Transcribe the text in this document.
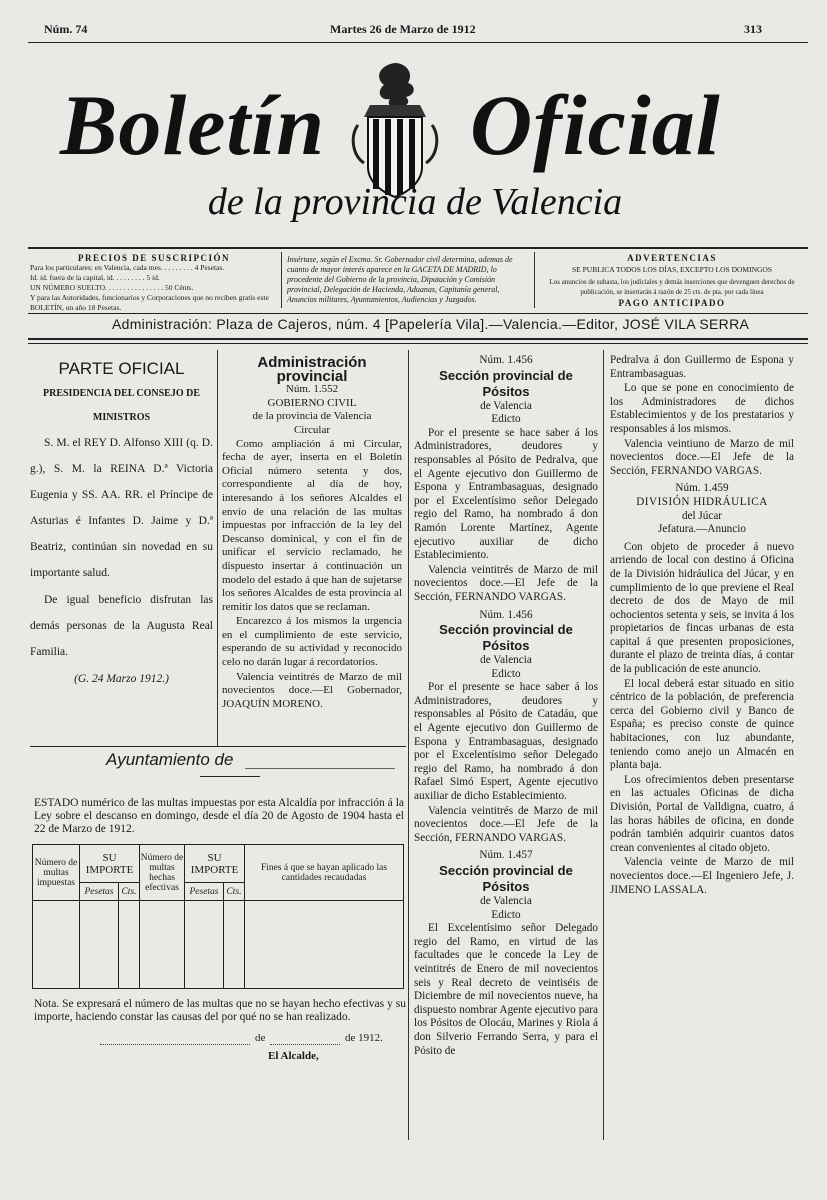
Núm. 74	Martes 26 de Marzo de 1912	313
Boletín Oficial
de la provincia de Valencia
PRECIOS DE SUSCRIPCIÓN
Para los particulares: en Valencia, cada mes. . . . . . . . . 4 Pesetas.
Id. id. fuera de la capital, id. . . . . . . . . 5 id.
UN NÚMERO SUELTO. . . . . . . . . . . . . . . . 50 Cénts.
Y para las Autoridades, funcionarios y Corporaciones que no reciben gratis este BOLETÍN, un año 18 Pesetas.
Insértase, según el Excmo. Sr. Gobernador civil determina, ademas de cuanto de mayor interés aparece en la GACETA DE MADRID, lo procedente del Gobierno de la provincia, Diputación y Comisión provincial, Delegación de Hacienda, Aduanas, Capitanía general, Anuncios militares, Ayuntamientos, Audiencias y Juzgados.
ADVERTENCIAS
SE PUBLICA TODOS LOS DÍAS, EXCEPTO LOS DOMINGOS
Los anuncios de subasta, los judiciales y demás inserciones que devenguen derechos de publicación, se insertarán á razón de 25 cts. de pta. por cada línea
PAGO ANTICIPADO
Administración: Plaza de Cajeros, núm. 4 [Papelería Vila].—Valencia.—Editor, JOSÉ VILA SERRA
PARTE OFICIAL
PRESIDENCIA DEL CONSEJO DE MINISTROS

S. M. el REY D. Alfonso XIII (q. D. g.), S. M. la REINA D.ª Victoria Eugenia y SS. AA. RR. el Príncipe de Asturias é Infantes D. Jaime y D.ª Beatriz, continúan sin novedad en su importante salud.

De igual beneficio disfrutan las demás personas de la Augusta Real Familia.

(G. 24 Marzo 1912.)
Administración provincial
Núm. 1.552
GOBIERNO CIVIL
de la provincia de Valencia
Circular

Como ampliación á mi Circular, fecha de ayer, inserta en el Boletín Oficial número setenta y dos, correspondiente al día de hoy, interesando á los señores Alcaldes el envío de una relación de las multas impuestas por infracción de la ley del Descanso dominical, y con el fin de unificar el servicio reclamado, he dispuesto insertar á continuación un modelo del estado á que han de sujetarse los señores Alcaldes de esta provincia al remitir los datos que se reclaman.

Encarezco á los mismos la urgencia en el cumplimiento de este servicio, esperando de su actividad y reconocido celo no darán lugar á recordatorios.

Valencia veintitrés de Marzo de mil novecientos doce.—El Gobernador, JOAQUÍN MORENO.

Ayuntamiento de
ESTADO numérico de las multas impuestas por esta Alcaldía por infracción á la Ley sobre el descanso en domingo, desde el día 20 de Agosto de 1904 hasta el 22 de Marzo de 1912.
Número de multas impuestas	SU IMPORTE		Número de multas hechas efectivas	SU IMPORTE		Fines á que se hayan aplicado las cantidades recaudadas
	Pesetas	Cts.		Pesetas	Cts.	

Nota. Se expresará el número de las multas que no se hayan hecho efectivas y su importe, haciendo constar las causas del por qué no se han realizado.
de	de 1912.
El Alcalde,
Núm. 1.456
Sección provincial de Pósitos
de Valencia
Edicto

Por el presente se hace saber á los Administradores, deudores y responsables al Pósito de Pedralva, que el Agente ejecutivo don Guillermo de Espona y Entrambasaguas, designado por el Excelentísimo señor Delegado regio del Ramo, ha nombrado á don Ramón Lorente Martínez, Agente ejecutivo auxiliar de dicho Establecimiento.

Valencia veintitrés de Marzo de mil novecientos doce.—El Jefe de la Sección, FERNANDO VARGAS.

Núm. 1.456
Sección provincial de Pósitos
de Valencia
Edicto

Por el presente se hace saber á los Administradores, deudores y responsables al Pósito de Catadáu, que el Agente ejecutivo don Guillermo de Espona y Entrambasaguas, designado por el Excelentísimo señor Delegado regio del Ramo, ha nombrado á don Rafael Simó Espert, Agente ejecutivo auxiliar de dicho Establecimiento.

Valencia veintitrés de Marzo de mil novecientos doce.—El Jefe de la Sección, FERNANDO VARGAS.

Núm. 1.457
Sección provincial de Pósitos
de Valencia
Edicto

El Excelentísimo señor Delegado regio del Ramo, en virtud de las facultades que le concede la Ley de veintitrés de Enero de mil novecientos seis y Real decreto de veintiséis de Diciembre de mil novecientos nueve, ha dispuesto nombrar Agente ejecutivo para los Pósitos de Olocáu, Marines y Riola á don Silverio Ferrando Serra, y para el Pósito de

Pedralva á don Guillermo de Espona y Entrambasaguas.

Lo que se pone en conocimiento de los Administradores de dichos Establecimientos y de los prestatarios y responsables á los mismos.

Valencia veintiuno de Marzo de mil novecientos doce.—El Jefe de la Sección, FERNANDO VARGAS.

Núm. 1.459
DIVISIÓN HIDRÁULICA
del Júcar
Jefatura.—Anuncio

Con objeto de proceder á nuevo arriendo de local con destino á Oficina de la División hidráulica del Júcar, y en cumplimiento de lo que previene el Real decreto de dos de Mayo de mil ochocientos setenta y seis, se invita á los propietarios de fincas urbanas de esta capital á que presenten proposiciones, durante el plazo de treinta días, á contar de la publicación de este anuncio.

El local deberá estar situado en sitio céntrico de la población, de preferencia cerca del Gobierno civil y Banco de España; es preciso conste de quince habitaciones, con luz abundante, teniendo como anejo un Almacén en planta baja.

Los ofrecimientos deben presentarse en las actuales Oficinas de dicha División, Portal de Valldigna, cuatro, á las horas hábiles de oficina, en donde podrán también adquirir cuantos datos crean convenientes al citado objeto.

Valencia veinte de Marzo de mil novecientos doce.—El Ingeniero Jefe, J. JIMENO LASSALA.
